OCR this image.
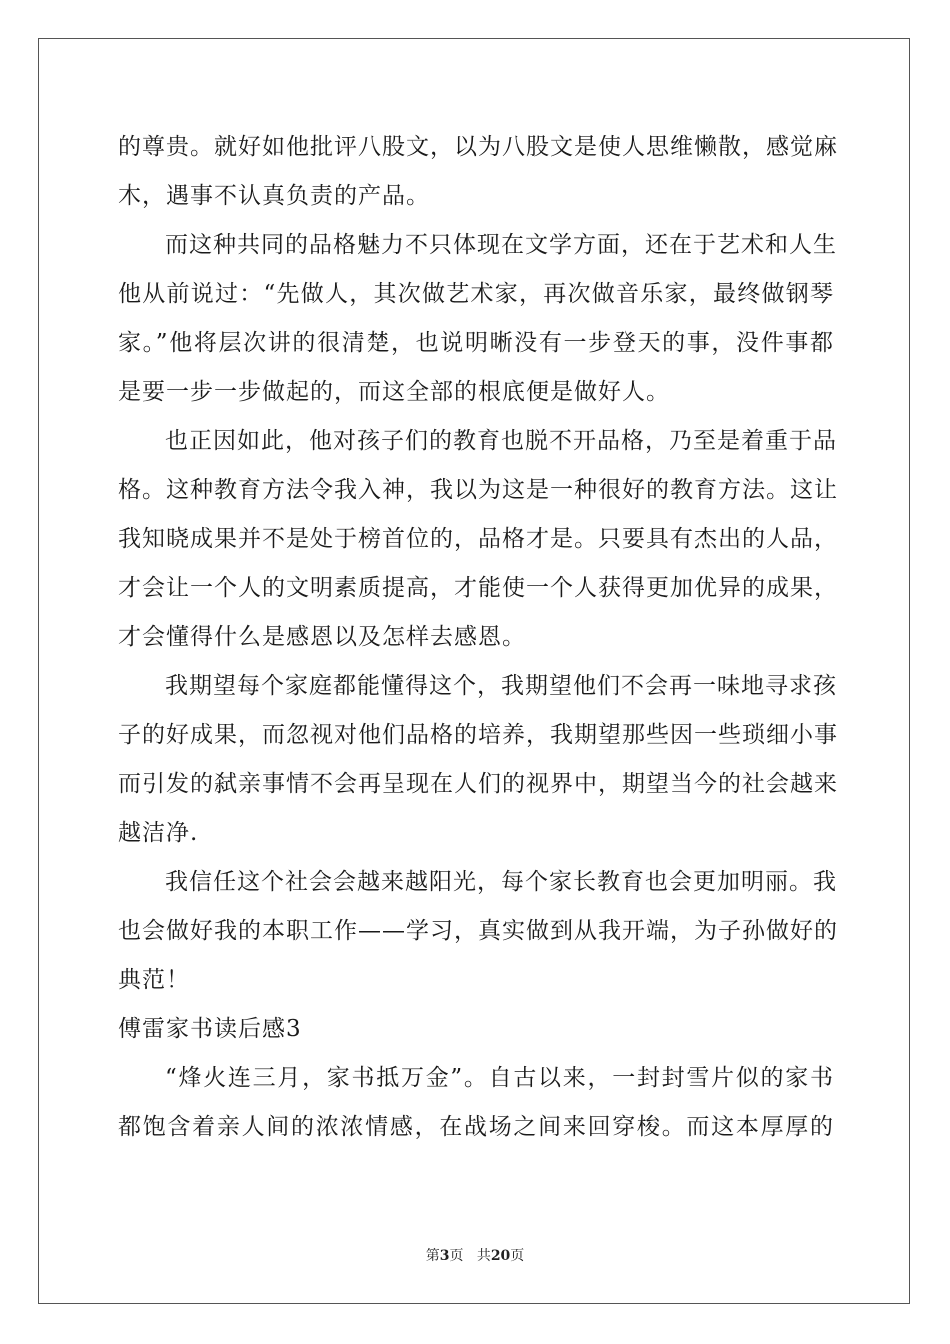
的尊贵。就好如他批评八股文，以为八股文是使人思维懒散，感觉麻
木，遇事不认真负责的产品。
而这种共同的品格魅力不只体现在文学方面，还在于艺术和人生
他从前说过：“先做人，其次做艺术家，再次做音乐家，最终做钢琴
家。”他将层次讲的很清楚，也说明晰没有一步登天的事，没件事都
是要一步一步做起的，而这全部的根底便是做好人。
也正因如此，他对孩子们的教育也脱不开品格，乃至是着重于品
格。这种教育方法令我入神，我以为这是一种很好的教育方法。这让
我知晓成果并不是处于榜首位的，品格才是。只要具有杰出的人品，
才会让一个人的文明素质提高，才能使一个人获得更加优异的成果，
才会懂得什么是感恩以及怎样去感恩。
我期望每个家庭都能懂得这个，我期望他们不会再一味地寻求孩
子的好成果，而忽视对他们品格的培养，我期望那些因一些琐细小事
而引发的弑亲事情不会再呈现在人们的视界中，期望当今的社会越来
越洁净.
我信任这个社会会越来越阳光，每个家长教育也会更加明丽。我
也会做好我的本职工作——学习，真实做到从我开端，为子孙做好的
典范！
傅雷家书读后感3
“烽火连三月，家书抵万金”。自古以来，一封封雪片似的家书
都饱含着亲人间的浓浓情感，在战场之间来回穿梭。而这本厚厚的
第3页 共20页
